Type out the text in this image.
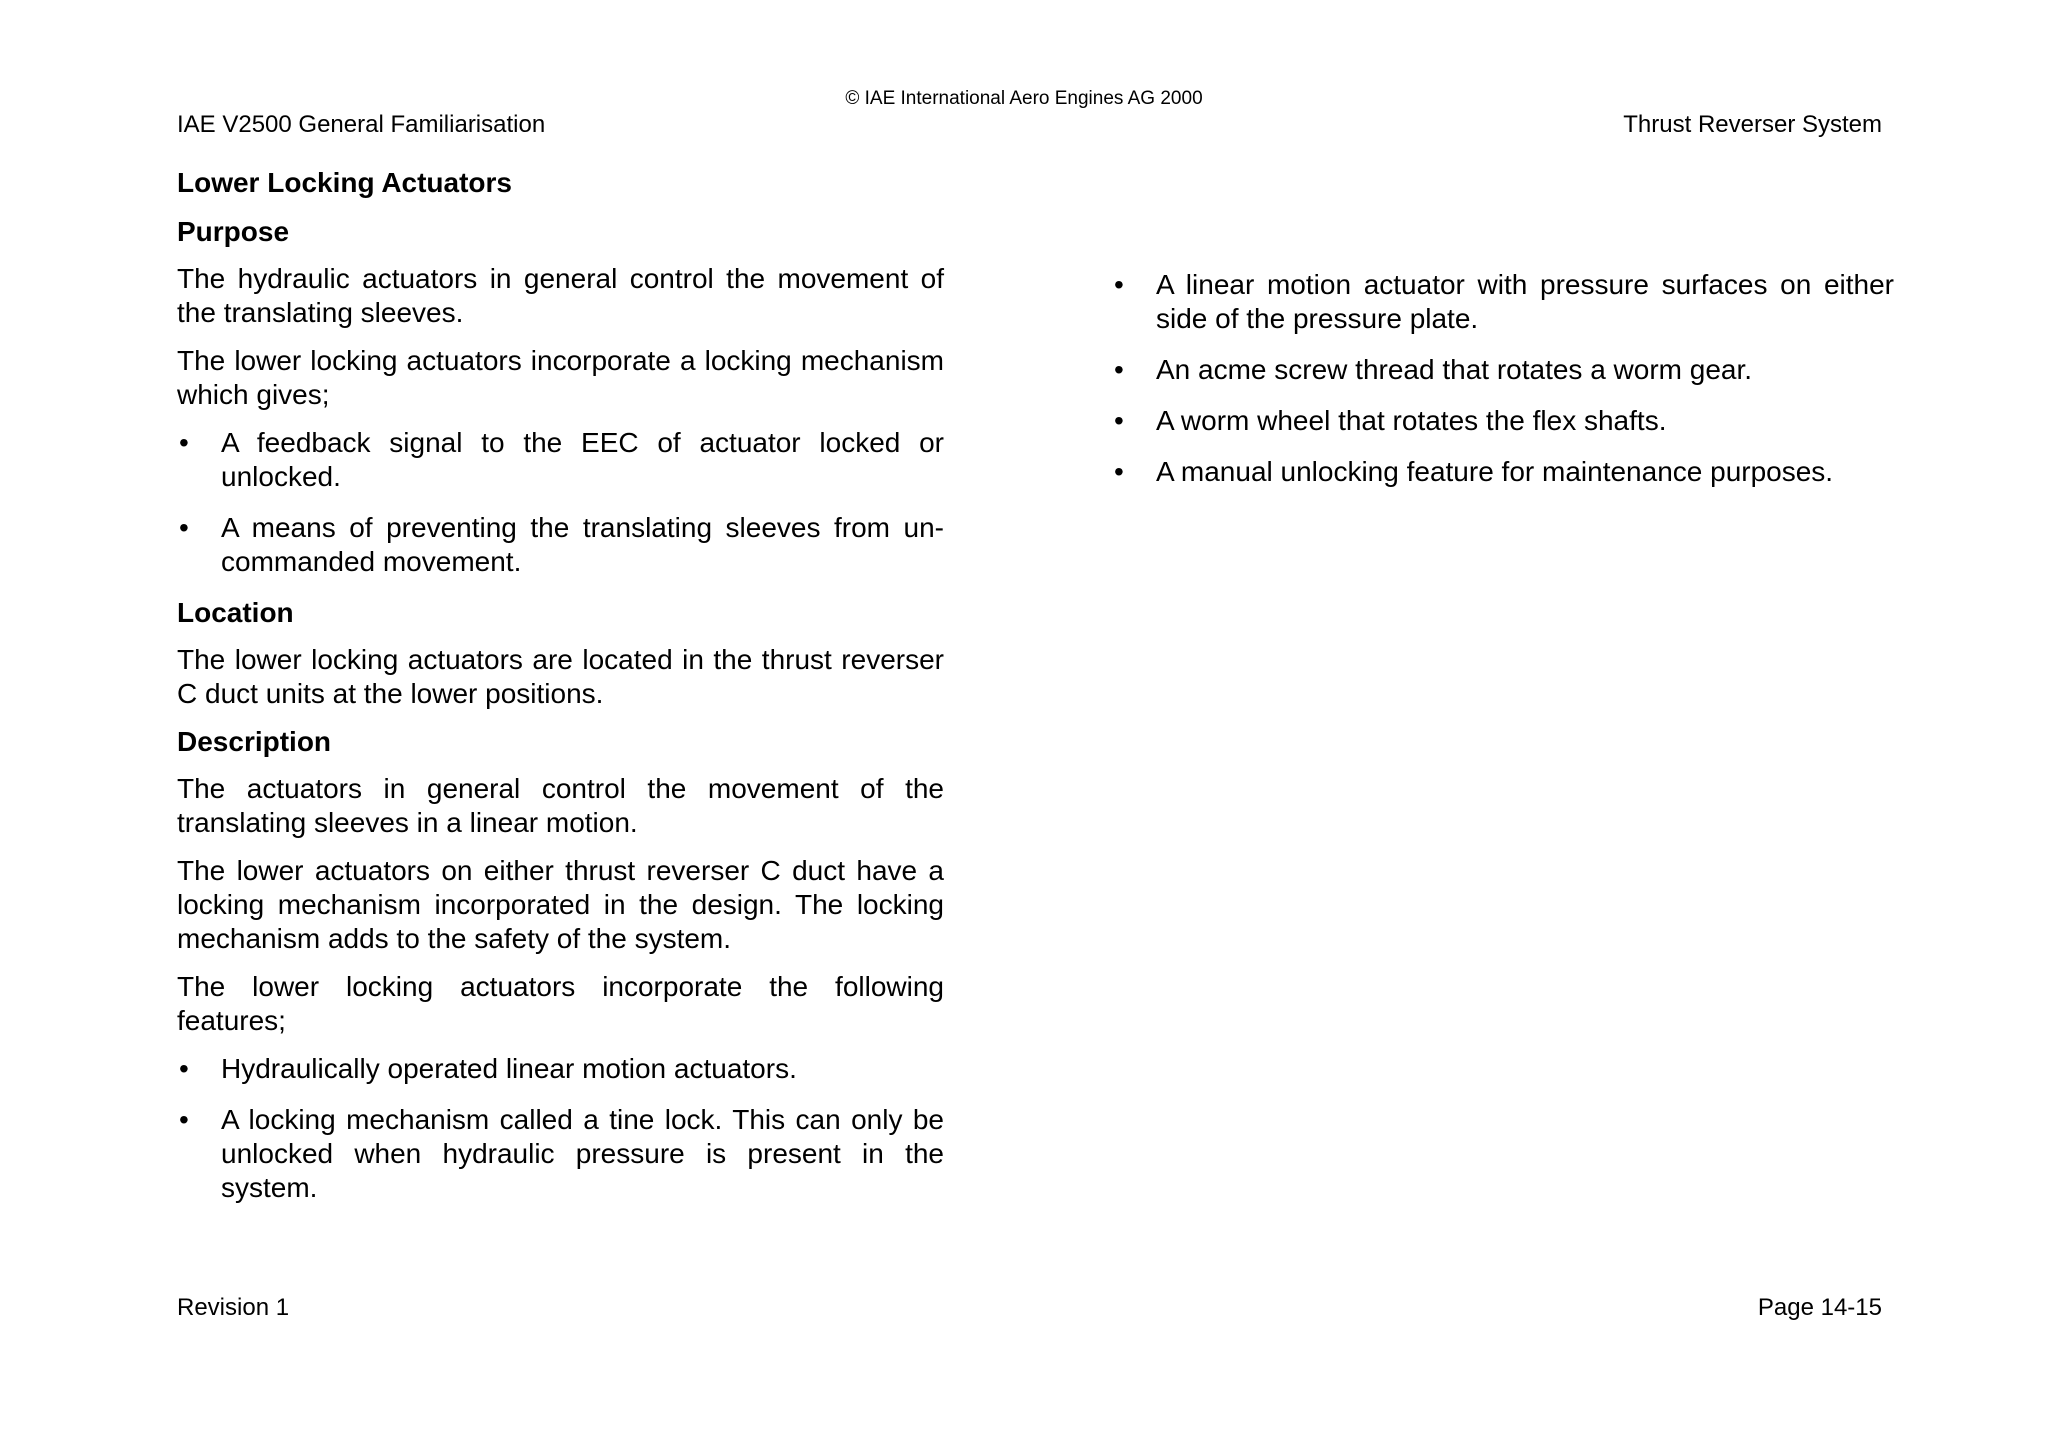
© IAE International Aero Engines AG 2000
IAE V2500 General Familiarisation	Thrust Reverser System
Lower Locking Actuators
Purpose
The hydraulic actuators in general control the movement of the translating sleeves.
The lower locking actuators incorporate a locking mechanism which gives;
•	A feedback signal to the EEC of actuator locked or unlocked.
•	A means of preventing the translating sleeves from un-commanded movement.
Location
The lower locking actuators are located in the thrust reverser C duct units at the lower positions.
Description
The actuators in general control the movement of the translating sleeves in a linear motion.
The lower actuators on either thrust reverser C duct have a locking mechanism incorporated in the design. The locking mechanism adds to the safety of the system.
The lower locking actuators incorporate the following features;
•	Hydraulically operated linear motion actuators.
•	A locking mechanism called a tine lock. This can only be unlocked when hydraulic pressure is present in the system.
•	A linear motion actuator with pressure surfaces on either side of the pressure plate.
•	An acme screw thread that rotates a worm gear.
•	A worm wheel that rotates the flex shafts.
•	A manual unlocking feature for maintenance purposes.
Revision 1	Page 14-15
